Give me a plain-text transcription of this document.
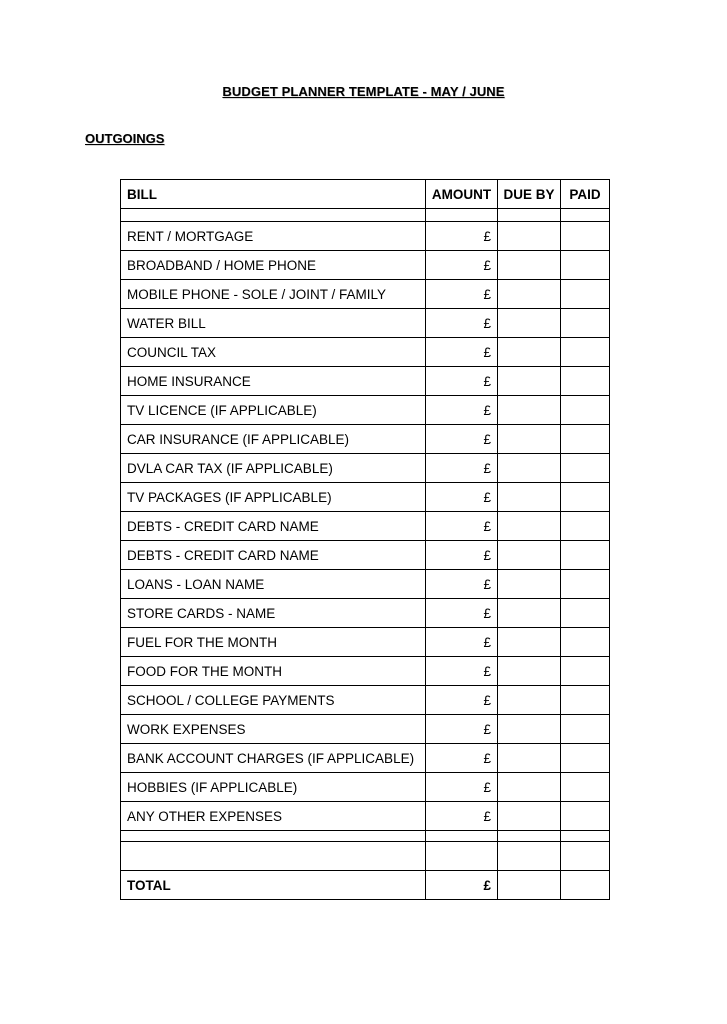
BUDGET PLANNER TEMPLATE - MAY / JUNE
OUTGOINGS
BILL	AMOUNT	DUE BY	PAID

RENT / MORTGAGE	£		
BROADBAND / HOME PHONE	£		
MOBILE PHONE - SOLE / JOINT / FAMILY	£		
WATER BILL	£		
COUNCIL TAX	£		
HOME INSURANCE	£		
TV LICENCE (IF APPLICABLE)	£		
CAR INSURANCE (IF APPLICABLE)	£		
DVLA CAR TAX (IF APPLICABLE)	£		
TV PACKAGES (IF APPLICABLE)	£		
DEBTS - CREDIT CARD NAME	£		
DEBTS - CREDIT CARD NAME	£		
LOANS - LOAN NAME	£		
STORE CARDS - NAME	£		
FUEL FOR THE MONTH	£		
FOOD FOR THE MONTH	£		
SCHOOL / COLLEGE PAYMENTS	£		
WORK EXPENSES	£		
BANK ACCOUNT CHARGES (IF APPLICABLE)	£		
HOBBIES (IF APPLICABLE)	£		
ANY OTHER EXPENSES	£		

TOTAL	£		
